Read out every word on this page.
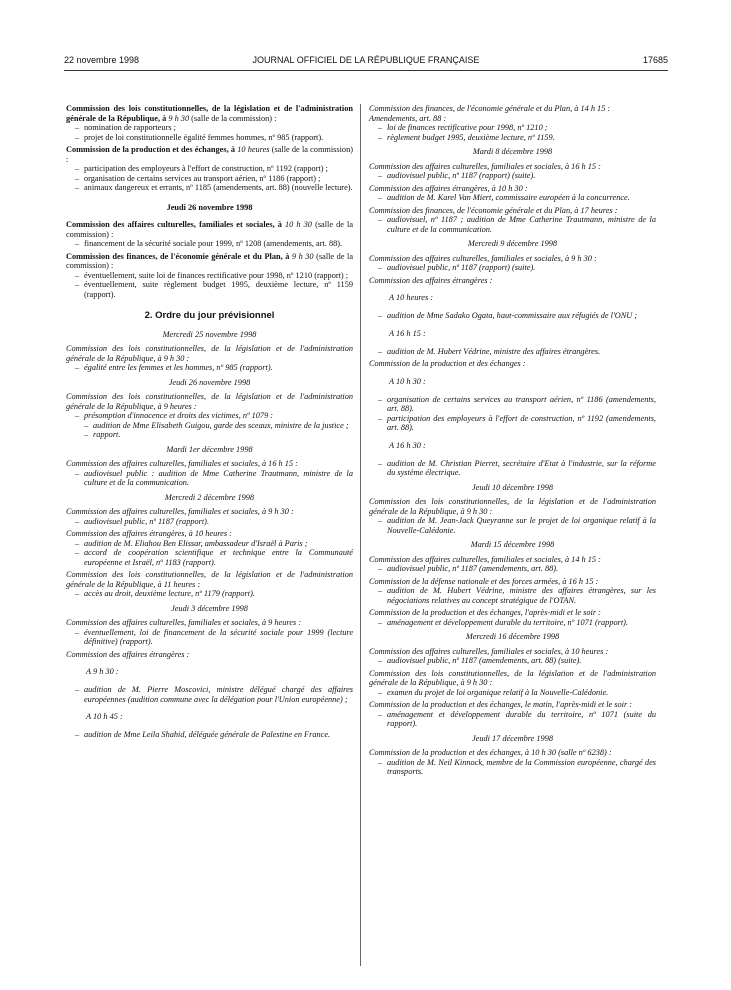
22 novembre 1998	JOURNAL OFFICIEL DE LA RÉPUBLIQUE FRANÇAISE	17685
Commission des lois constitutionnelles, de la législation et de l'administration générale de la République, à 9 h 30 (salle de la commission) :

– nomination de rapporteurs ;

– projet de loi constitutionnelle égalité femmes hommes, nº 985 (rapport).

Commission de la production et des échanges, à 10 heures (salle de la commission) :

– participation des employeurs à l'effort de construction, nº 1192 (rapport) ;

– organisation de certains services au transport aérien, nº 1186 (rapport) ;

– animaux dangereux et errants, nº 1185 (amendements, art. 88) (nouvelle lecture).

Jeudi 26 novembre 1998
Commission des affaires culturelles, familiales et sociales, à 10 h 30 (salle de la commission) :

– financement de la sécurité sociale pour 1999, nº 1208 (amendements, art. 88).

Commission des finances, de l'économie générale et du Plan, à 9 h 30 (salle de la commission) :

– éventuellement, suite loi de finances rectificative pour 1998, nº 1210 (rapport) ;

– éventuellement, suite règlement budget 1995, deuxième lecture, nº 1159 (rapport).

2. Ordre du jour prévisionnel
Mercredi 25 novembre 1998
Commission des lois constitutionnelles, de la législation et de l'administration générale de la République, à 9 h 30 :

– égalité entre les femmes et les hommes, nº 985 (rapport).

Jeudi 26 novembre 1998
Commission des lois constitutionnelles, de la législation et de l'administration générale de la République, à 9 heures :

– présomption d'innocence et droits des victimes, nº 1079 :

– audition de Mme Elisabeth Guigou, garde des sceaux, ministre de la justice ;

– rapport.

Mardi 1er décembre 1998
Commission des affaires culturelles, familiales et sociales, à 16 h 15 :

– audiovisuel public : audition de Mme Catherine Trautmann, ministre de la culture et de la communication.

Mercredi 2 décembre 1998
Commission des affaires culturelles, familiales et sociales, à 9 h 30 :

– audiovisuel public, nº 1187 (rapport).

Commission des affaires étrangères, à 10 heures :

– audition de M. Eliahou Ben Elissar, ambassadeur d'Israël à Paris ;

– accord de coopération scientifique et technique entre la Communauté européenne et Israël, nº 1183 (rapport).

Commission des lois constitutionnelles, de la législation et de l'administration générale de la République, à 11 heures :

– accès au droit, deuxième lecture, nº 1179 (rapport).

Jeudi 3 décembre 1998
Commission des affaires culturelles, familiales et sociales, à 9 heures :

– éventuellement, loi de financement de la sécurité sociale pour 1999 (lecture définitive) (rapport).

Commission des affaires étrangères :

A 9 h 30 :

– audition de M. Pierre Moscovici, ministre délégué chargé des affaires européennes (audition commune avec la délégation pour l'Union européenne) ;

A 10 h 45 :

– audition de Mme Leila Shahid, déléguée générale de Palestine en France.

Commission des finances, de l'économie générale et du Plan, à 14 h 15 :
Amendements, art. 88 :

– loi de finances rectificative pour 1998, nº 1210 ;

– règlement budget 1995, deuxième lecture, nº 1159.

Mardi 8 décembre 1998
Commission des affaires culturelles, familiales et sociales, à 16 h 15 :

– audiovisuel public, nº 1187 (rapport) (suite).

Commission des affaires étrangères, à 10 h 30 :

– audition de M. Karel Van Miert, commissaire européen à la concurrence.

Commission des finances, de l'économie générale et du Plan, à 17 heures :

– audiovisuel, nº 1187 ; audition de Mme Catherine Trautmann, ministre de la culture et de la communication.

Mercredi 9 décembre 1998
Commission des affaires culturelles, familiales et sociales, à 9 h 30 :

– audiovisuel public, nº 1187 (rapport) (suite).

Commission des affaires étrangères :

A 10 heures :

– audition de Mme Sadako Ogata, haut-commissaire aux réfugiés de l'ONU ;

A 16 h 15 :

– audition de M. Hubert Védrine, ministre des affaires étrangères.

Commission de la production et des échanges :

A 10 h 30 :

– organisation de certains services au transport aérien, nº 1186 (amendements, art. 88).

– participation des employeurs à l'effort de construction, nº 1192 (amendements, art. 88).

A 16 h 30 :

– audition de M. Christian Pierret, secrétaire d'Etat à l'industrie, sur la réforme du système électrique.

Jeudi 10 décembre 1998
Commission des lois constitutionnelles, de la législation et de l'administration générale de la République, à 9 h 30 :

– audition de M. Jean-Jack Queyranne sur le projet de loi organique relatif à la Nouvelle-Calédonie.

Mardi 15 décembre 1998
Commission des affaires culturelles, familiales et sociales, à 14 h 15 :

– audiovisuel public, nº 1187 (amendements, art. 88).

Commission de la défense nationale et des forces armées, à 16 h 15 :

– audition de M. Hubert Védrine, ministre des affaires étrangères, sur les négociations relatives au concept stratégique de l'OTAN.

Commission de la production et des échanges, l'après-midi et le soir :

– aménagement et développement durable du territoire, nº 1071 (rapport).

Mercredi 16 décembre 1998
Commission des affaires culturelles, familiales et sociales, à 10 heures :

– audiovisuel public, nº 1187 (amendements, art. 88) (suite).

Commission des lois constitutionnelles, de la législation et de l'administration générale de la République, à 9 h 30 :

– examen du projet de loi organique relatif à la Nouvelle-Calédonie.

Commission de la production et des échanges, le matin, l'après-midi et le soir :

– aménagement et développement durable du territoire, nº 1071 (suite du rapport).

Jeudi 17 décembre 1998
Commission de la production et des échanges, à 10 h 30 (salle nº 6238) :

– audition de M. Neil Kinnock, membre de la Commission européenne, chargé des transports.
